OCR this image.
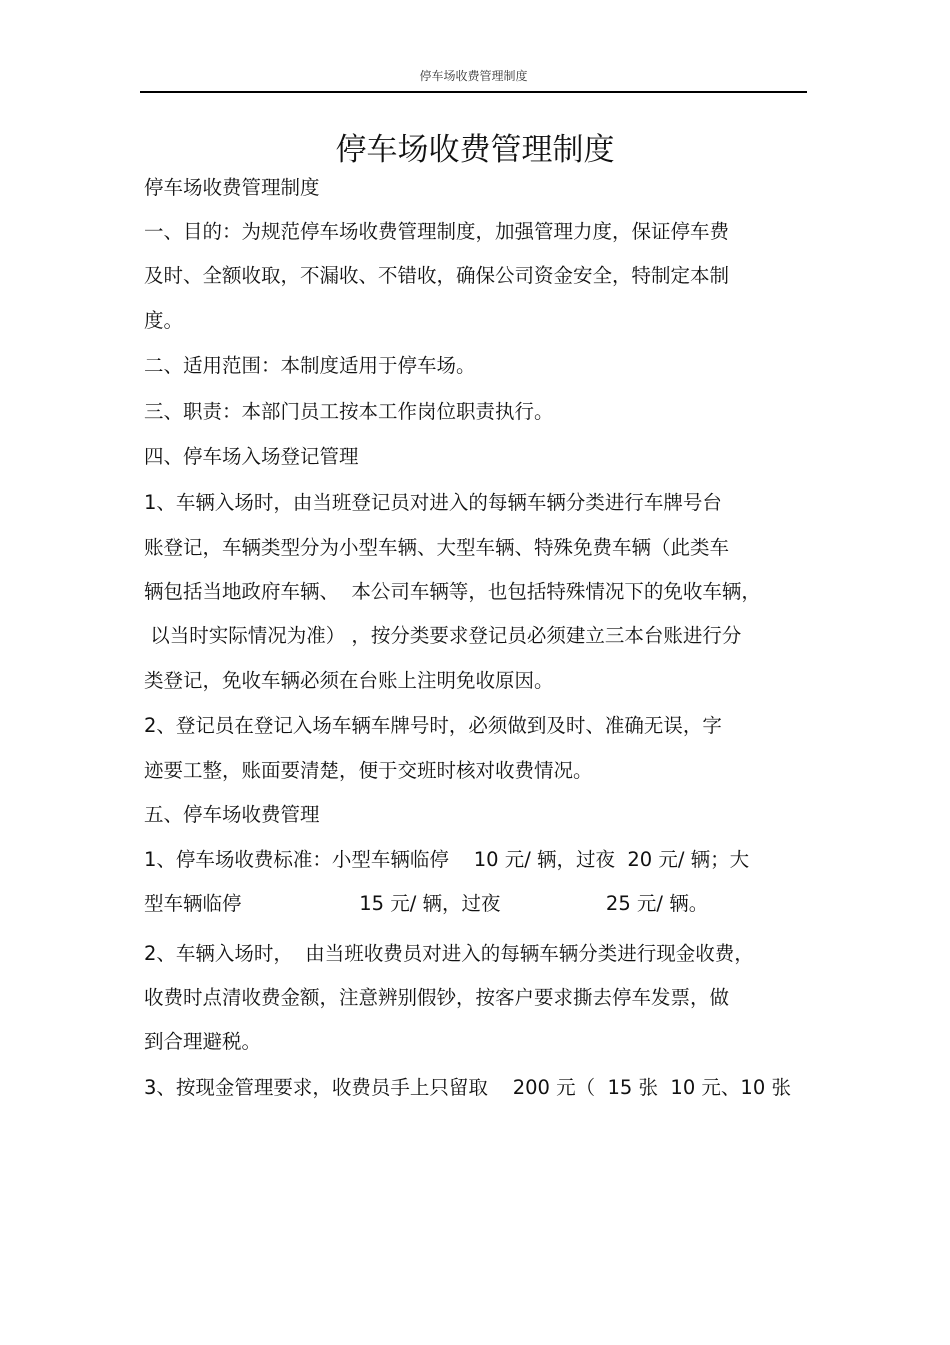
停车场收费管理制度
停车场收费管理制度
停车场收费管理制度
一、目的：为规范停车场收费管理制度，加强管理力度，保证停车费
及时、全额收取，不漏收、不错收，确保公司资金安全，特制定本制
度。
二、适用范围：本制度适用于停车场。
三、职责：本部门员工按本工作岗位职责执行。
四、停车场入场登记管理
1、车辆入场时，由当班登记员对进入的每辆车辆分类进行车牌号台
账登记，车辆类型分为小型车辆、大型车辆、特殊免费车辆（此类车
辆包括当地政府车辆、  本公司车辆等，也包括特殊情况下的免收车辆，
以当时实际情况为准） ，按分类要求登记员必须建立三本台账进行分
类登记，免收车辆必须在台账上注明免收原因。
2、登记员在登记入场车辆车牌号时，必须做到及时、准确无误，字
迹要工整，账面要清楚，便于交班时核对收费情况。
五、停车场收费管理
1、停车场收费标准：小型车辆临停    10 元/ 辆，过夜  20 元/ 辆；大
型车辆临停                   15 元/ 辆，过夜                 25 元/ 辆。
2、车辆入场时，  由当班收费员对进入的每辆车辆分类进行现金收费，
收费时点清收费金额，注意辨别假钞，按客户要求撕去停车发票，做
到合理避税。
3、按现金管理要求，收费员手上只留取    200 元（  15 张  10 元、10 张
